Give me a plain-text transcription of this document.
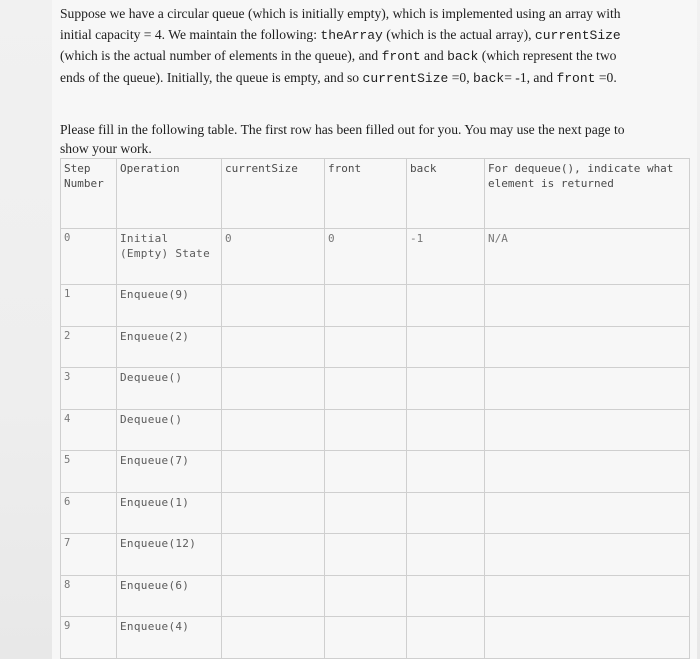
Suppose we have a circular queue (which is initially empty), which is implemented using an array with initial capacity = 4. We maintain the following: theArray (which is the actual array), currentSize (which is the actual number of elements in the queue), and front and back (which represent the two ends of the queue). Initially, the queue is empty, and so currentSize =0, back= -1, and front =0.

Please fill in the following table. The first row has been filled out for you. You may use the next page to show your work.

Step Number	Operation	currentSize	front	back	For dequeue(), indicate what element is returned
0	Initial (Empty) State	0	0	-1	N/A
1	Enqueue(9)				
2	Enqueue(2)				
3	Dequeue()				
4	Dequeue()				
5	Enqueue(7)				
6	Enqueue(1)				
7	Enqueue(12)				
8	Enqueue(6)				
9	Enqueue(4)				
